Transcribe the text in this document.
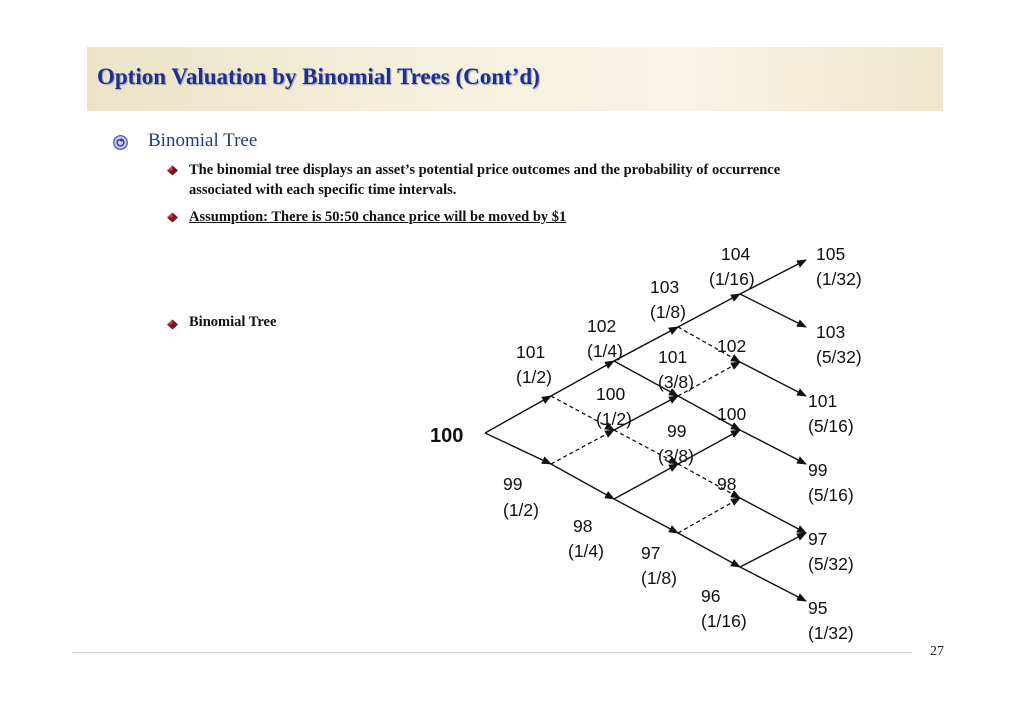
Option Valuation by Binomial Trees (Cont’d)
Binomial Tree
The binomial tree displays an asset’s potential price outcomes and the probability of occurrence
associated with each specific time intervals.
Assumption: There is 50:50 chance price will be moved by $1
Binomial Tree
100
101
(1/2)
99
(1/2)
102
(1/4)
100
(1/2)
98
(1/4)
103
(1/8)
101
(3/8)
99
(3/8)
97
(1/8)
104
(1/16)
102
100
98
96
(1/16)
105
(1/32)
103
(5/32)
101
(5/16)
99
(5/16)
97
(5/32)
95
(1/32)
27
